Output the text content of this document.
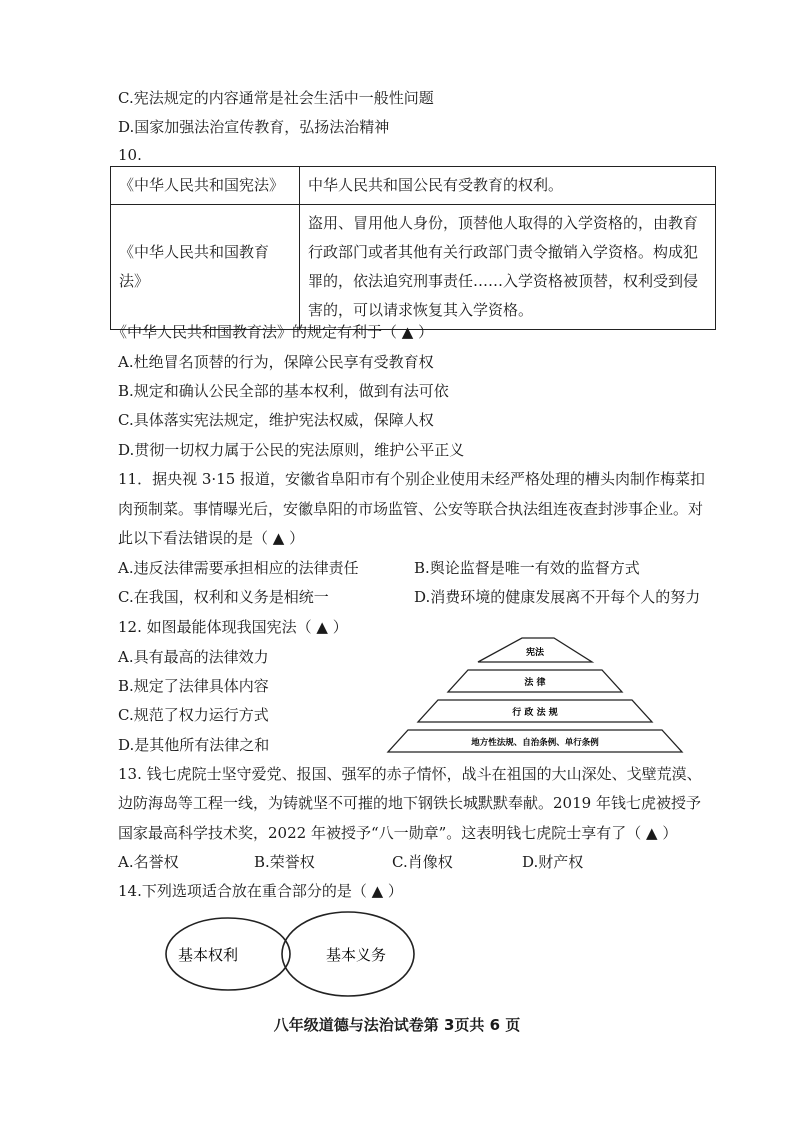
C.宪法规定的内容通常是社会生活中一般性问题
D.国家加强法治宣传教育，弘扬法治精神
10.
《中华人民共和国宪法》	中华人民共和国公民有受教育的权利。
《中华人民共和国教育法》	盗用、冒用他人身份，顶替他人取得的入学资格的，由教育行政部门或者其他有关行政部门责令撤销入学资格。构成犯罪的，依法追究刑事责任……入学资格被顶替，权利受到侵害的，可以请求恢复其入学资格。
《中华人民共和国教育法》的规定有利于（ ▲ ）
A.杜绝冒名顶替的行为，保障公民享有受教育权
B.规定和确认公民全部的基本权利，做到有法可依
C.具体落实宪法规定，维护宪法权威，保障人权
D.贯彻一切权力属于公民的宪法原则，维护公平正义
11．据央视 3·15 报道，安徽省阜阳市有个别企业使用未经严格处理的槽头肉制作梅菜扣
肉预制菜。事情曝光后，安徽阜阳的市场监管、公安等联合执法组连夜查封涉事企业。对
此以下看法错误的是（ ▲ ）
A.违反法律需要承担相应的法律责任	B.舆论监督是唯一有效的监督方式
C.在我国，权利和义务是相统一	D.消费环境的健康发展离不开每个人的努力
12. 如图最能体现我国宪法（ ▲ ）
A.具有最高的法律效力
B.规定了法律具体内容
C.规范了权力运行方式
D.是其他所有法律之和
宪法
法 律
行 政 法 规
地方性法规、自治条例、单行条例
13. 钱七虎院士坚守爱党、报国、强军的赤子情怀，战斗在祖国的大山深处、戈壁荒漠、
边防海岛等工程一线，为铸就坚不可摧的地下钢铁长城默默奉献。2019 年钱七虎被授予
国家最高科学技术奖，2022 年被授予“八一勋章”。这表明钱七虎院士享有了（ ▲ ）
A.名誉权	B.荣誉权	C.肖像权	D.财产权
14.下列选项适合放在重合部分的是（ ▲ ）
基本权利	基本义务
八年级道德与法治试卷第 3页共 6 页
